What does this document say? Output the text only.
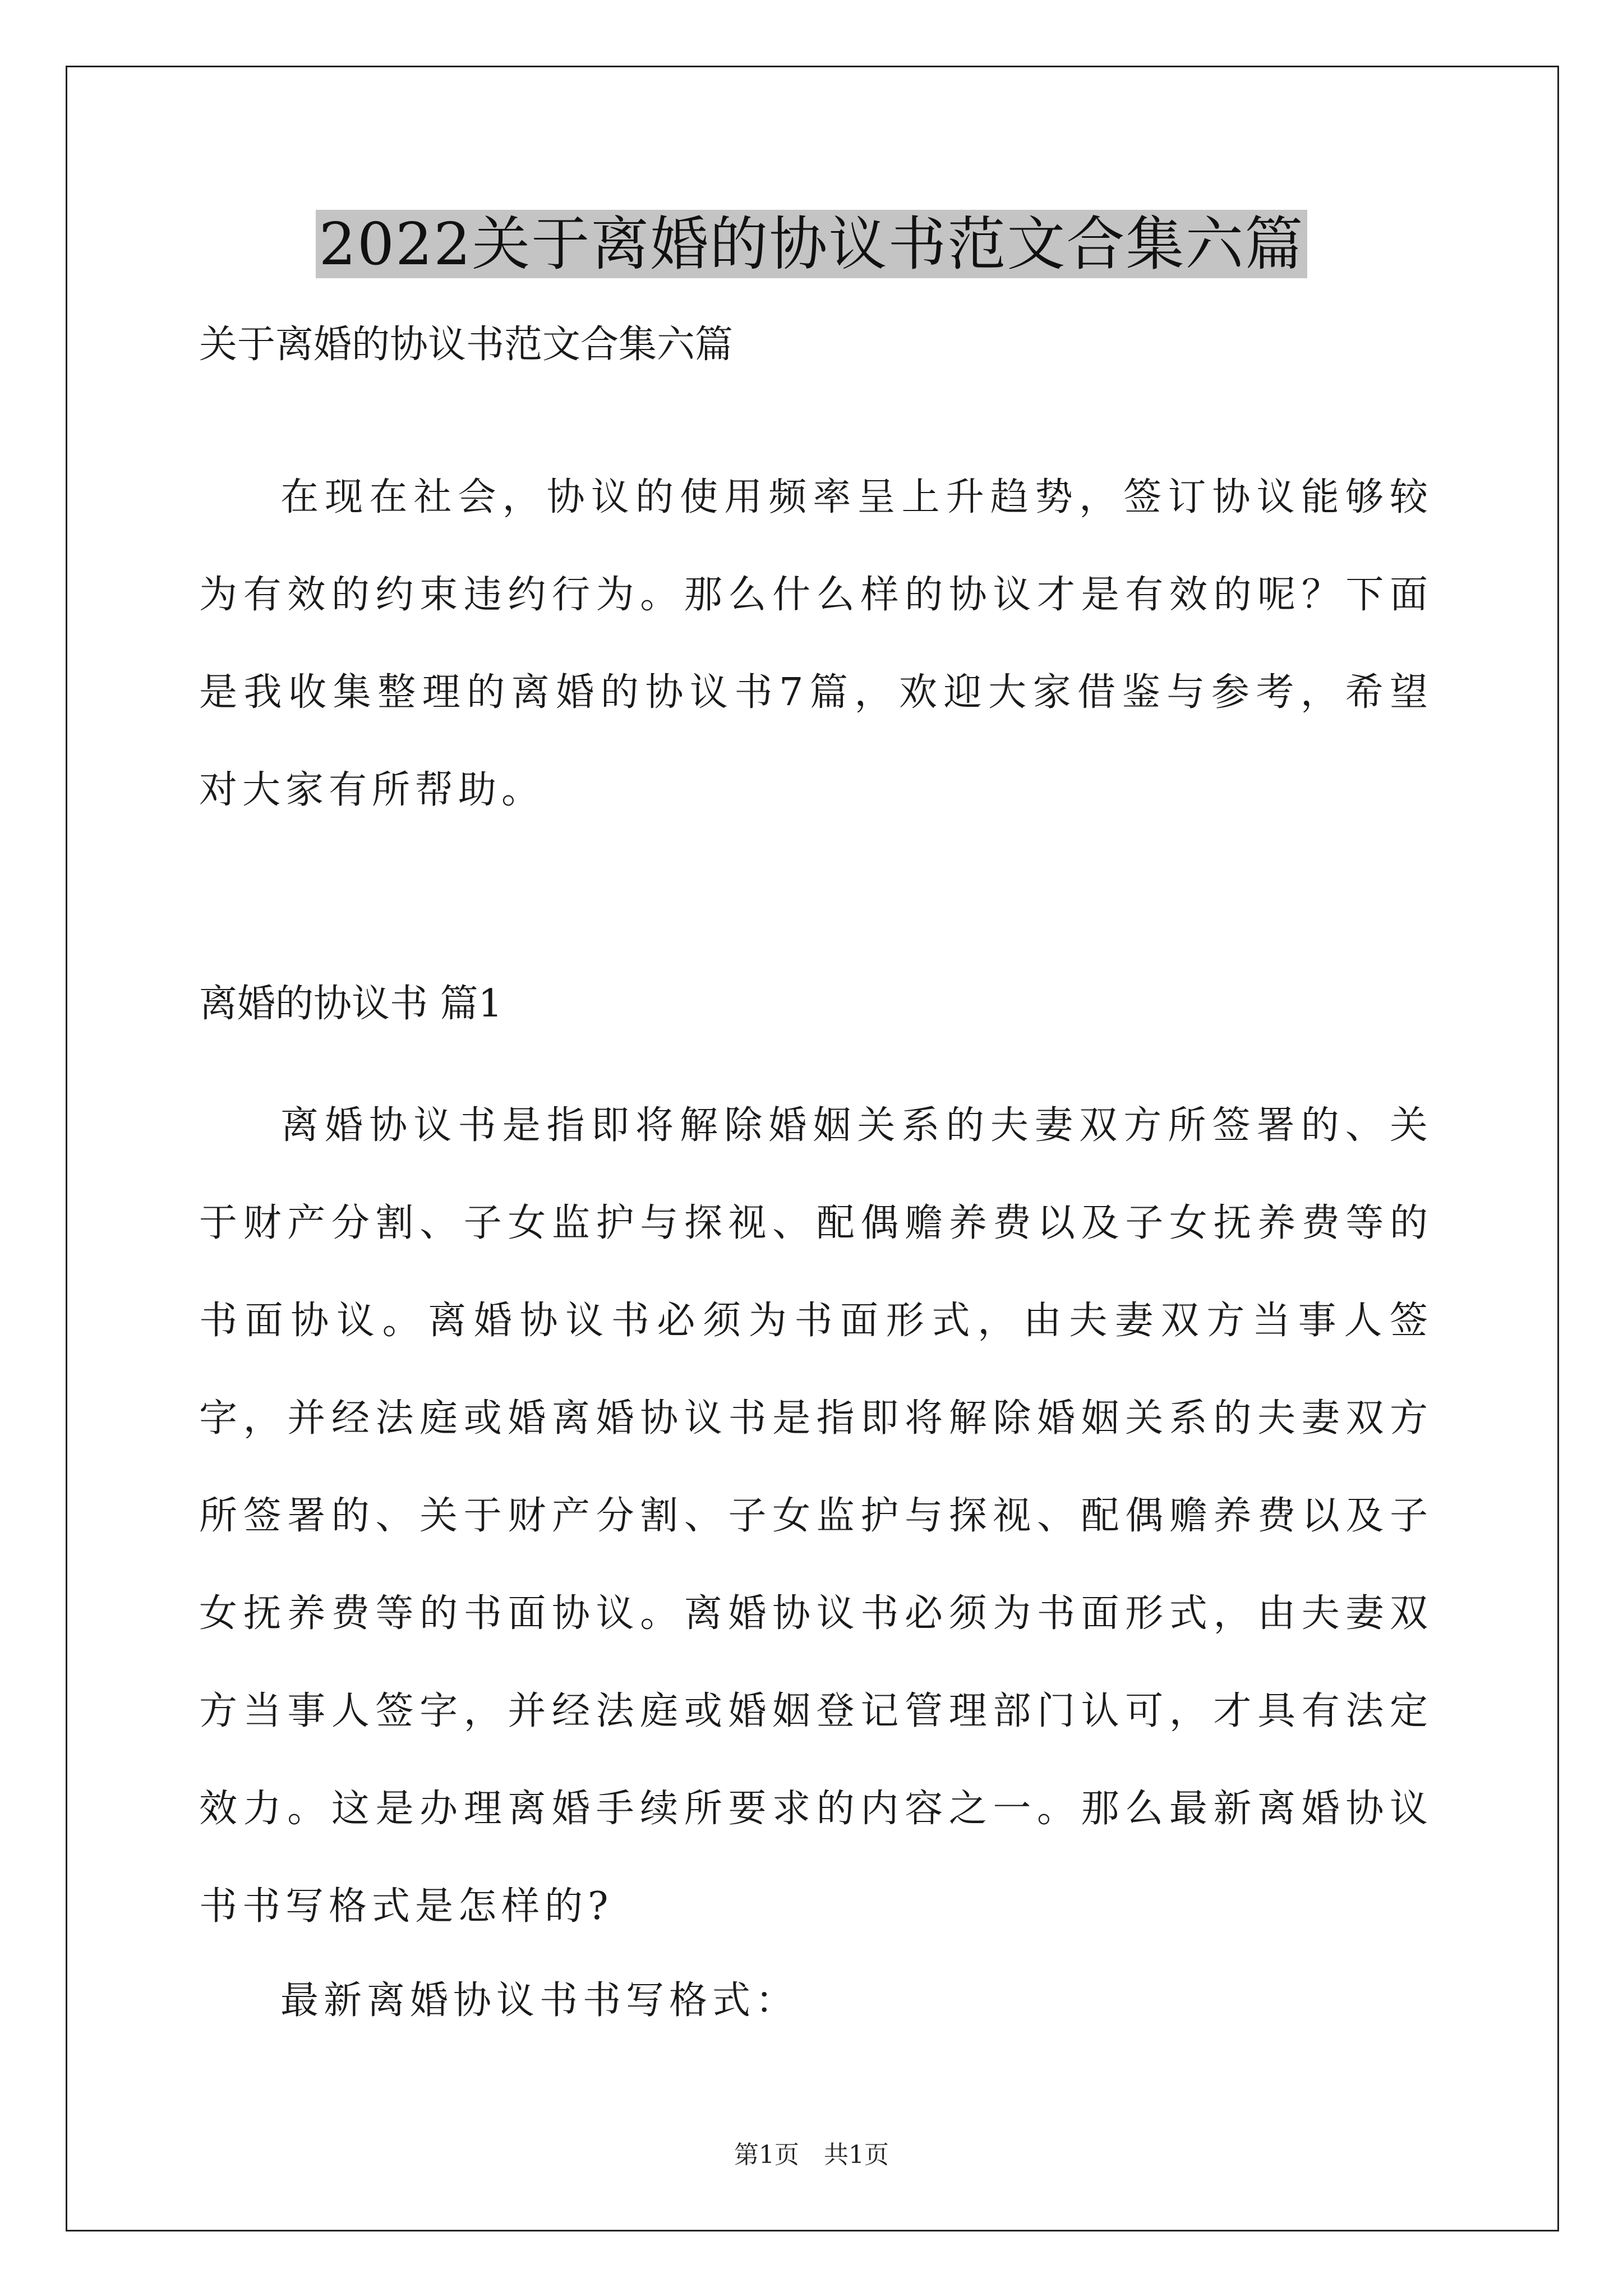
2022关于离婚的协议书范文合集六篇
关于离婚的协议书范文合集六篇

在现在社会，协议的使用频率呈上升趋势，签订协议能够较为有效的约束违约行为。那么什么样的协议才是有效的呢？下面是我收集整理的离婚的协议书7篇，欢迎大家借鉴与参考，希望对大家有所帮助。

离婚的协议书 篇1

离婚协议书是指即将解除婚姻关系的夫妻双方所签署的、关于财产分割、子女监护与探视、配偶赡养费以及子女抚养费等的书面协议。离婚协议书必须为书面形式，由夫妻双方当事人签字，并经法庭或婚离婚协议书是指即将解除婚姻关系的夫妻双方所签署的、关于财产分割、子女监护与探视、配偶赡养费以及子女抚养费等的书面协议。离婚协议书必须为书面形式，由夫妻双方当事人签字，并经法庭或婚姻登记管理部门认可，才具有法定效力。这是办理离婚手续所要求的内容之一。那么最新离婚协议书书写格式是怎样的?

最新离婚协议书书写格式：

第1页　共1页
